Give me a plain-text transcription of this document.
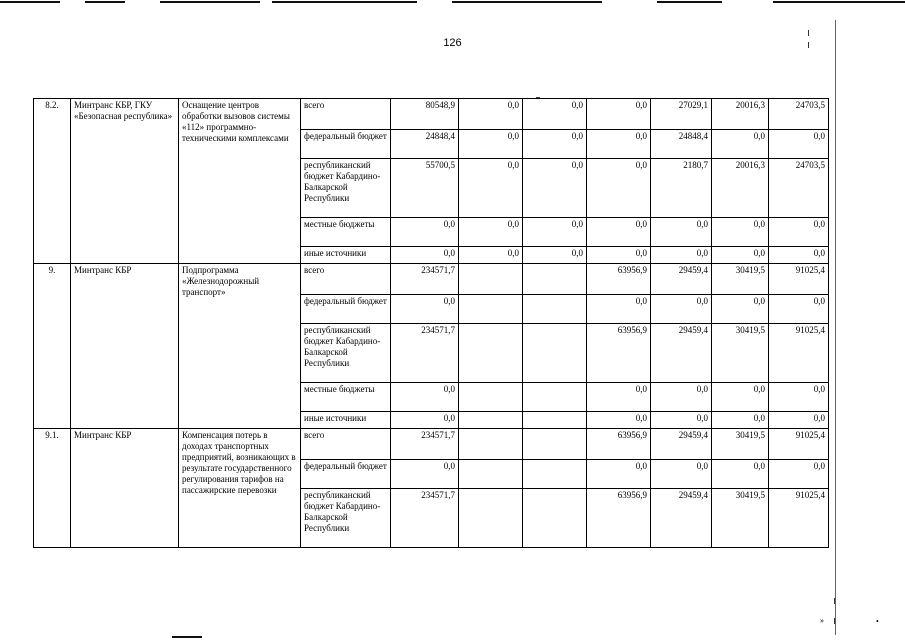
126
8.2.	Минтранс КБР, ГКУ «Безопасная республика»	Оснащение центров обработки вызовов системы «112» программно-техническими комплексами	всего	80548,9	0,0	0,0	0,0	27029,1	20016,3	24703,5	
			федеральный бюджет	24848,4	0,0	0,0	0,0	24848,4	0,0	0,0	
			республиканский бюджет Кабардино-Балкарской Республики	55700,5	0,0	0,0	0,0	2180,7	20016,3	24703,5	
			местные бюджеты	0,0	0,0	0,0	0,0	0,0	0,0	0,0	
			иные источники	0,0	0,0	0,0	0,0	0,0	0,0	0,0	
9.	Минтранс КБР	Подпрограмма «Железнодорожный транспорт»	всего	234571,7			63956,9	29459,4	30419,5	91025,4	
			федеральный бюджет	0,0			0,0	0,0	0,0	0,0	
			республиканский бюджет Кабардино-Балкарской Республики	234571,7			63956,9	29459,4	30419,5	91025,4	
			местные бюджеты	0,0			0,0	0,0	0,0	0,0	
			иные источники	0,0			0,0	0,0	0,0	0,0	
9.1.	Минтранс КБР	Компенсация потерь в доходах транспортных предприятий, возникающих в результате государственного регулирования тарифов на пассажирские перевозки	всего	234571,7			63956,9	29459,4	30419,5	91025,4	
			федеральный бюджет	0,0			0,0	0,0	0,0	0,0	
			республиканский бюджет Кабардино-Балкарской Республики	234571,7			63956,9	29459,4	30419,5	91025,4	
»	•
